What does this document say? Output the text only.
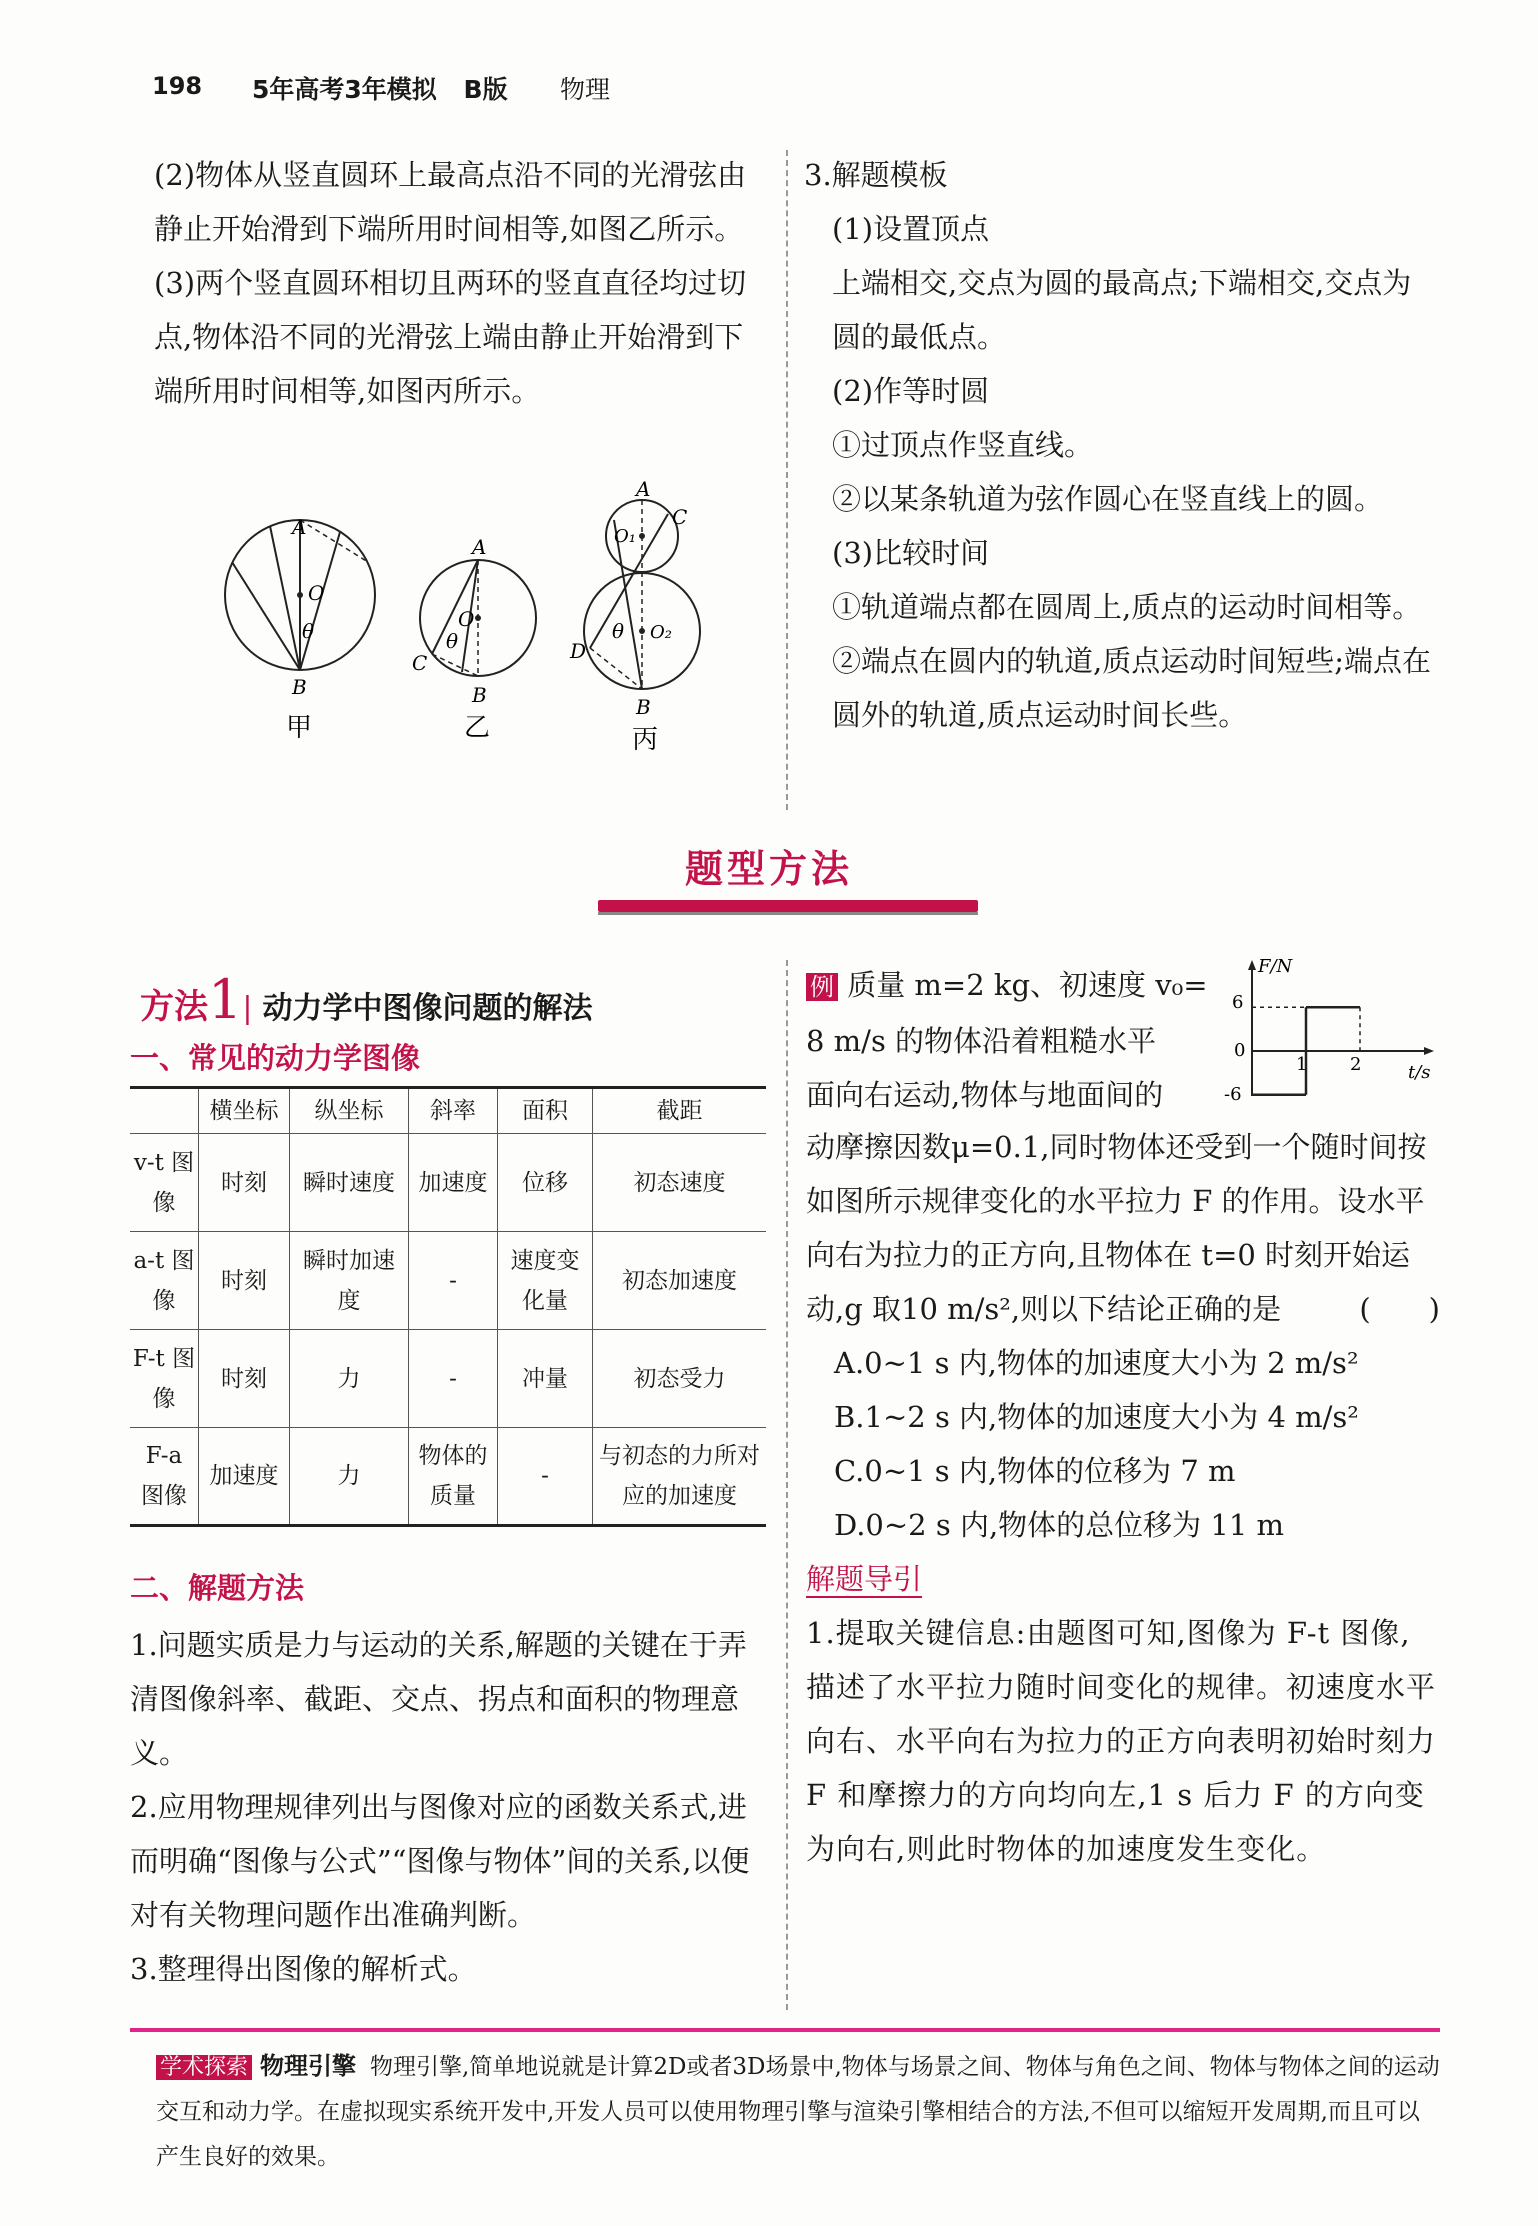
198 5年高考3年模拟 B版 物理

(2)物体从竖直圆环上最高点沿不同的光滑弦由静止开始滑到下端所用时间相等,如图乙所示。

(3)两个竖直圆环相切且两环的竖直直径均过切点,物体沿不同的光滑弦上端由静止开始滑到下端所用时间相等,如图丙所示。

A
O
θ
B
甲
A
O
θ
C
B
乙
A
C
O₁
O₂
θ
D
B
丙

3.解题模板

(1)设置顶点

上端相交,交点为圆的最高点;下端相交,交点为圆的最低点。

(2)作等时圆

①过顶点作竖直线。

②以某条轨道为弦作圆心在竖直线上的圆。

(3)比较时间

①轨道端点都在圆周上,质点的运动时间相等。

②端点在圆内的轨道,质点运动时间短些;端点在圆外的轨道,质点运动时间长些。

题型方法
方法1| 动力学中图像问题的解法
一、常见的动力学图像
	横坐标	纵坐标	斜率	面积	截距
v-t 图像	时刻	瞬时速度	加速度	位移	初态速度
a-t 图像	时刻	瞬时加速度	-	速度变化量	初态加速度
F-t 图像	时刻	力	-	冲量	初态受力
F-a 图像	加速度	力	物体的质量	-	与初态的力所对应的加速度
二、解题方法

1.问题实质是力与运动的关系,解题的关键在于弄清图像斜率、截距、交点、拐点和面积的物理意义。

2.应用物理规律列出与图像对应的函数关系式,进而明确“图像与公式”“图像与物体”间的关系,以便对有关物理问题作出准确判断。

3.整理得出图像的解析式。

例 质量 m=2 kg、初速度 v₀=

8 m/s 的物体沿着粗糙水平

面向右运动,物体与地面间的

F/N
t/s
6
0
-6
1 2

动摩擦因数μ=0.1,同时物体还受到一个随时间按如图所示规律变化的水平拉力 F 的作用。设水平向右为拉力的正方向,且物体在 t=0 时刻开始运动,g 取10 m/s²,则以下结论正确的是	(　　)

A.0~1 s 内,物体的加速度大小为 2 m/s²

B.1~2 s 内,物体的加速度大小为 4 m/s²

C.0~1 s 内,物体的位移为 7 m

D.0~2 s 内,物体的总位移为 11 m

解题导引

1.提取关键信息:由题图可知,图像为 F-t 图像,描述了水平拉力随时间变化的规律。初速度水平向右、水平向右为拉力的正方向表明初始时刻力 F 和摩擦力的方向均向左,1 s 后力 F 的方向变为向右,则此时物体的加速度发生变化。

学术探索 物理引擎 物理引擎,简单地说就是计算2D或者3D场景中,物体与场景之间、物体与角色之间、物体与物体之间的运动交互和动力学。在虚拟现实系统开发中,开发人员可以使用物理引擎与渲染引擎相结合的方法,不但可以缩短开发周期,而且可以产生良好的效果。
